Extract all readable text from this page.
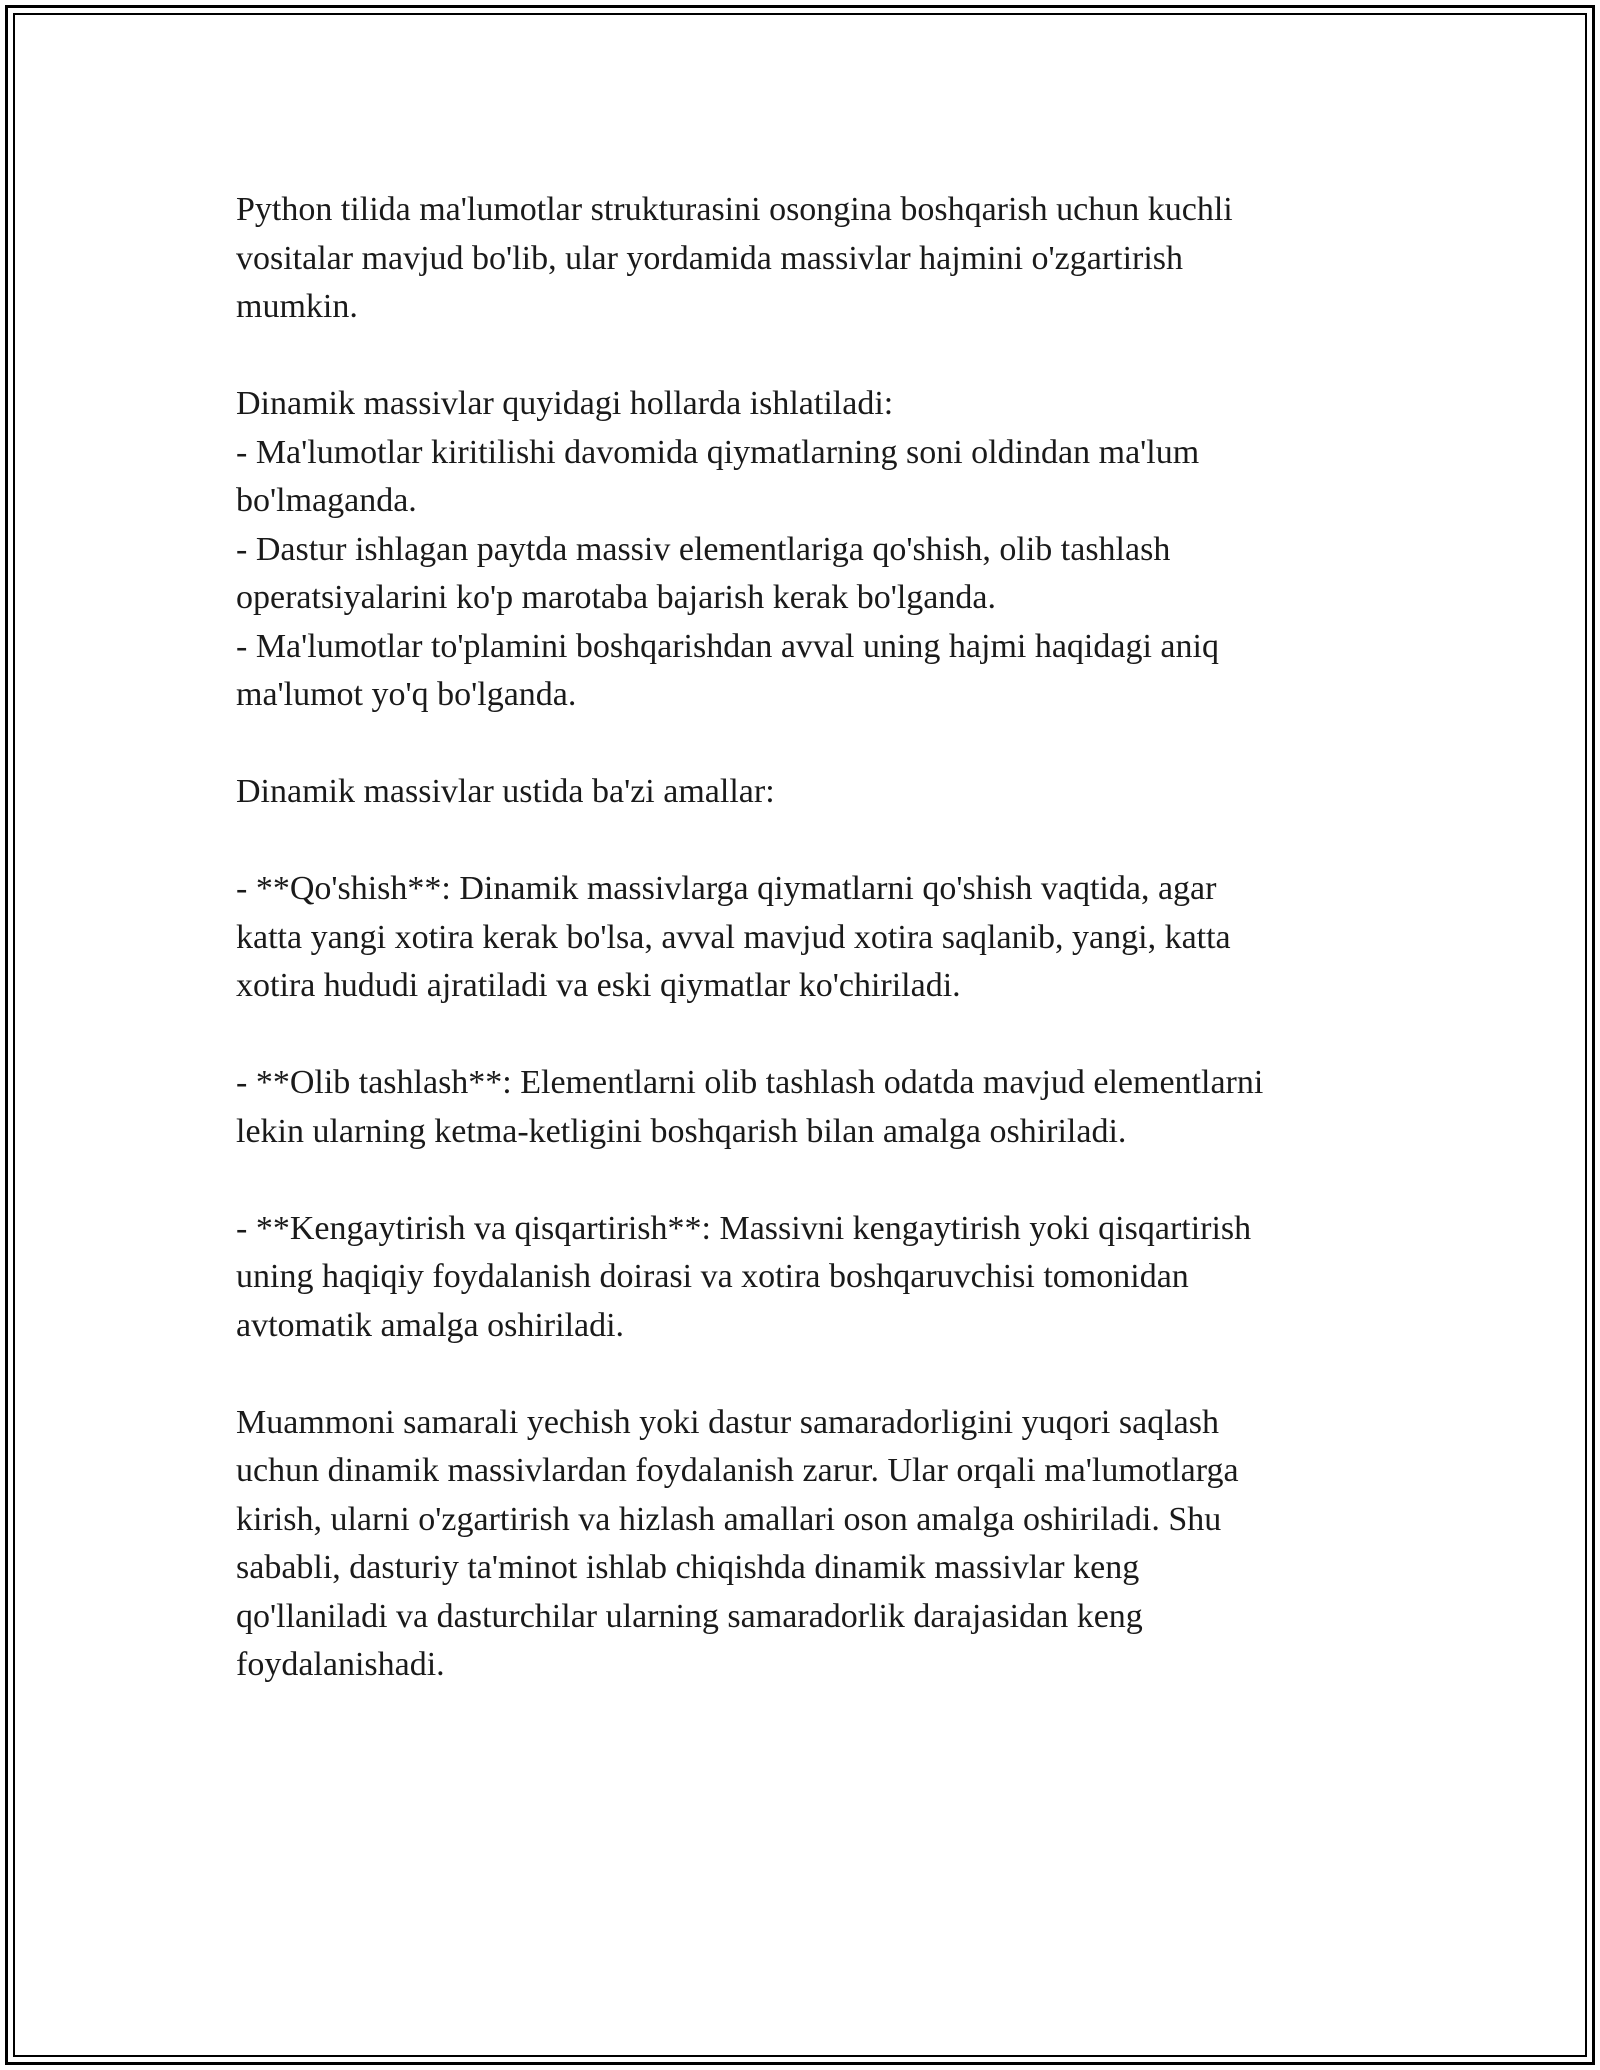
Python tilida ma'lumotlar strukturasini osongina boshqarish uchun kuchli
vositalar mavjud bo'lib, ular yordamida massivlar hajmini o'zgartirish
mumkin.

Dinamik massivlar quyidagi hollarda ishlatiladi:
- Ma'lumotlar kiritilishi davomida qiymatlarning soni oldindan ma'lum
bo'lmaganda.
- Dastur ishlagan paytda massiv elementlariga qo'shish, olib tashlash
operatsiyalarini ko'p marotaba bajarish kerak bo'lganda.
- Ma'lumotlar to'plamini boshqarishdan avval uning hajmi haqidagi aniq
ma'lumot yo'q bo'lganda.

Dinamik massivlar ustida ba'zi amallar:

- **Qo'shish**: Dinamik massivlarga qiymatlarni qo'shish vaqtida, agar
katta yangi xotira kerak bo'lsa, avval mavjud xotira saqlanib, yangi, katta
xotira hududi ajratiladi va eski qiymatlar ko'chiriladi.

- **Olib tashlash**: Elementlarni olib tashlash odatda mavjud elementlarni
lekin ularning ketma-ketligini boshqarish bilan amalga oshiriladi.

- **Kengaytirish va qisqartirish**: Massivni kengaytirish yoki qisqartirish
uning haqiqiy foydalanish doirasi va xotira boshqaruvchisi tomonidan
avtomatik amalga oshiriladi.

Muammoni samarali yechish yoki dastur samaradorligini yuqori saqlash
uchun dinamik massivlardan foydalanish zarur. Ular orqali ma'lumotlarga
kirish, ularni o'zgartirish va hizlash amallari oson amalga oshiriladi. Shu
sababli, dasturiy ta'minot ishlab chiqishda dinamik massivlar keng
qo'llaniladi va dasturchilar ularning samaradorlik darajasidan keng
foydalanishadi.
